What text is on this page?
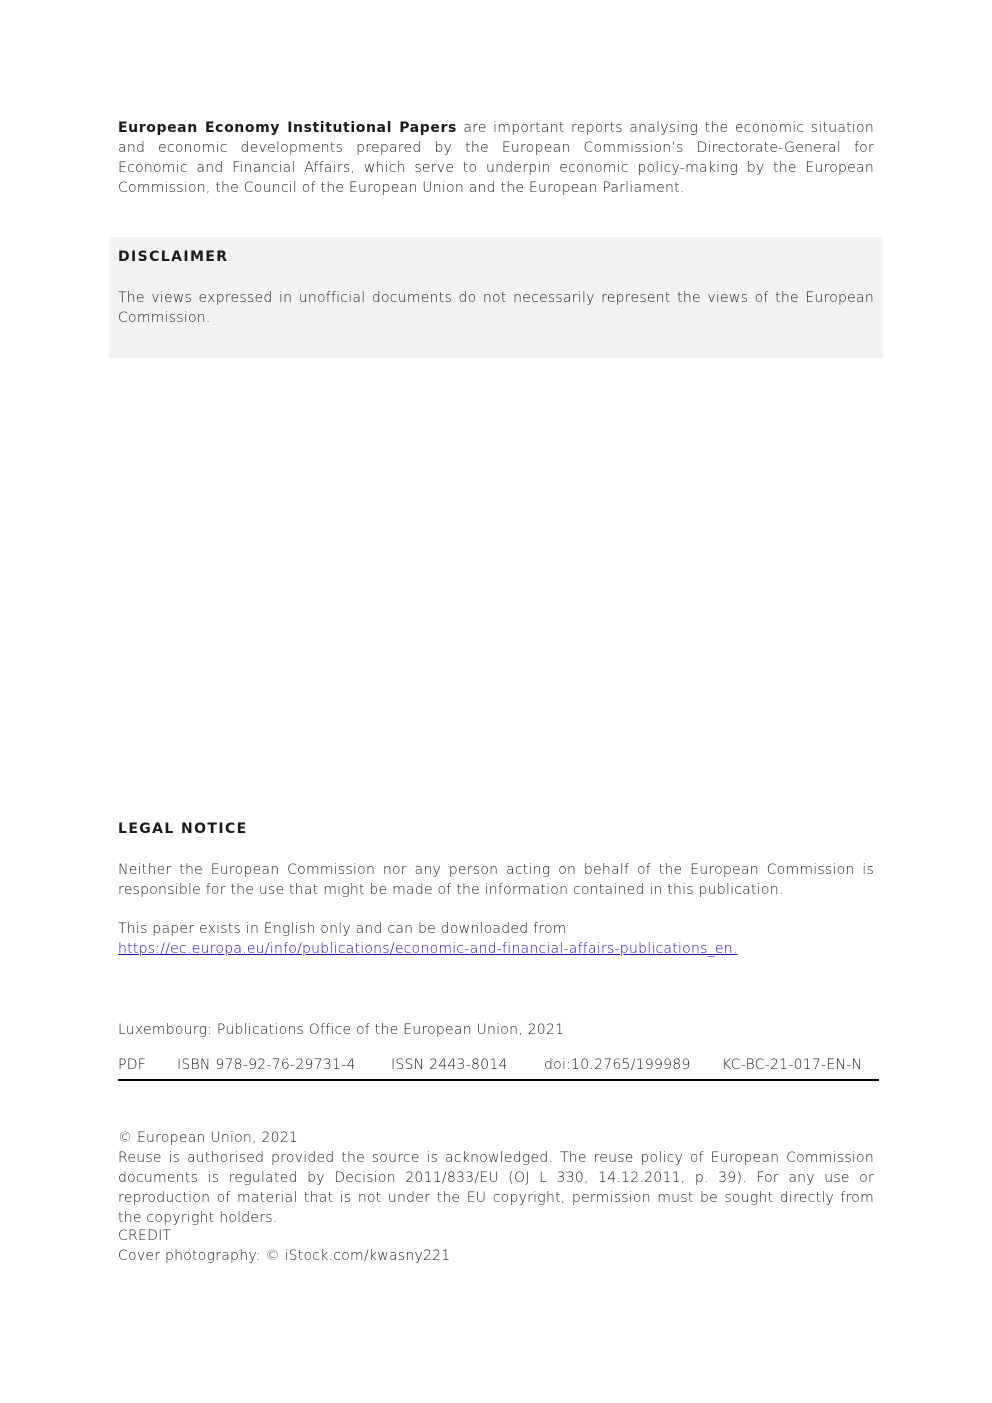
European Economy Institutional Papers are important reports analysing the economic situation and economic developments prepared by the European Commission’s Directorate-General for Economic and Financial Affairs, which serve to underpin economic policy-making by the European Commission, the Council of the European Union and the European Parliament.

DISCLAIMER

The views expressed in unofficial documents do not necessarily represent the views of the European Commission.

LEGAL NOTICE

Neither the European Commission nor any person acting on behalf of the European Commission is responsible for the use that might be made of the information contained in this publication.

This paper exists in English only and can be downloaded from
https://ec.europa.eu/info/publications/economic-and-financial-affairs-publications_en.

Luxembourg: Publications Office of the European Union, 2021

PDF ISBN 978-92-76-29731-4	ISSN 2443-8014	doi:10.2765/199989 KC-BC-21-017-EN-N

© European Union, 2021
Reuse is authorised provided the source is acknowledged. The reuse policy of European Commission documents is regulated by Decision 2011/833/EU (OJ L 330, 14.12.2011, p. 39). For any use or reproduction of material that is not under the EU copyright, permission must be sought directly from the copyright holders.

CREDIT
Cover photography: © iStock.com/kwasny221
